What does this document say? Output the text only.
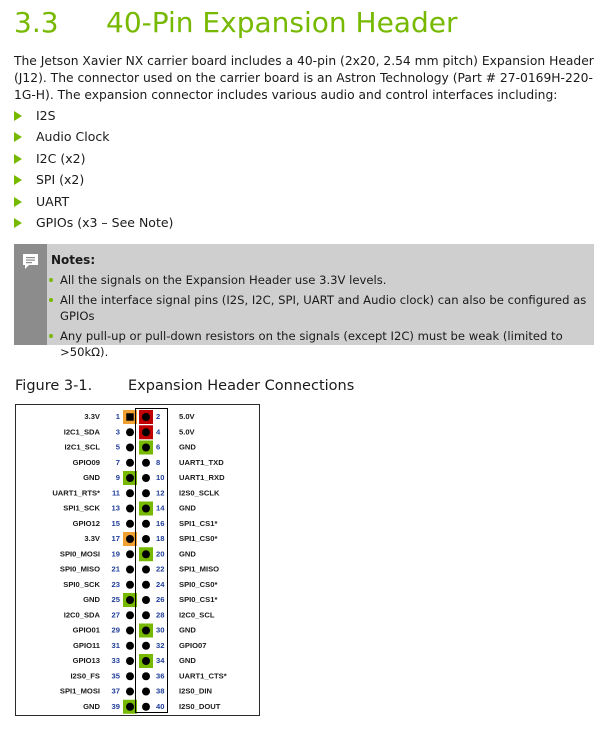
3.3 40-Pin Expansion Header

The Jetson Xavier NX carrier board includes a 40-pin (2x20, 2.54 mm pitch) Expansion Header (J12). The connector used on the carrier board is an Astron Technology (Part # 27-0169H-220-1G-H). The expansion connector includes various audio and control interfaces including:

I2S
Audio Clock
I2C (x2)
SPI (x2)
UART
GPIOs (x3 – See Note)
Notes:
All the signals on the Expansion Header use 3.3V levels.
All the interface signal pins (I2S, I2C, SPI, UART and Audio clock) can also be configured as GPIOs
Any pull-up or pull-down resistors on the signals (except I2C) must be weak (limited to >50kΩ).
Figure 3-1. Expansion Header Connections
3.3V 1	2 5.0V
I2C1_SDA 3	4 5.0V
I2C1_SCL 5	6 GND
GPIO09 7	8 UART1_TXD
GND 9	10 UART1_RXD
UART1_RTS* 11	12 I2S0_SCLK
SPI1_SCK 13	14 GND
GPIO12 15	16 SPI1_CS1*
3.3V 17	18 SPI1_CS0*
SPI0_MOSI 19	20 GND
SPI0_MISO 21	22 SPI1_MISO
SPI0_SCK 23	24 SPI0_CS0*
GND 25	26 SPI0_CS1*
I2C0_SDA 27	28 I2C0_SCL
GPIO01 29	30 GND
GPIO11 31	32 GPIO07
GPIO13 33	34 GND
I2S0_FS 35	36 UART1_CTS*
SPI1_MOSI 37	38 I2S0_DIN
GND 39	40 I2S0_DOUT
